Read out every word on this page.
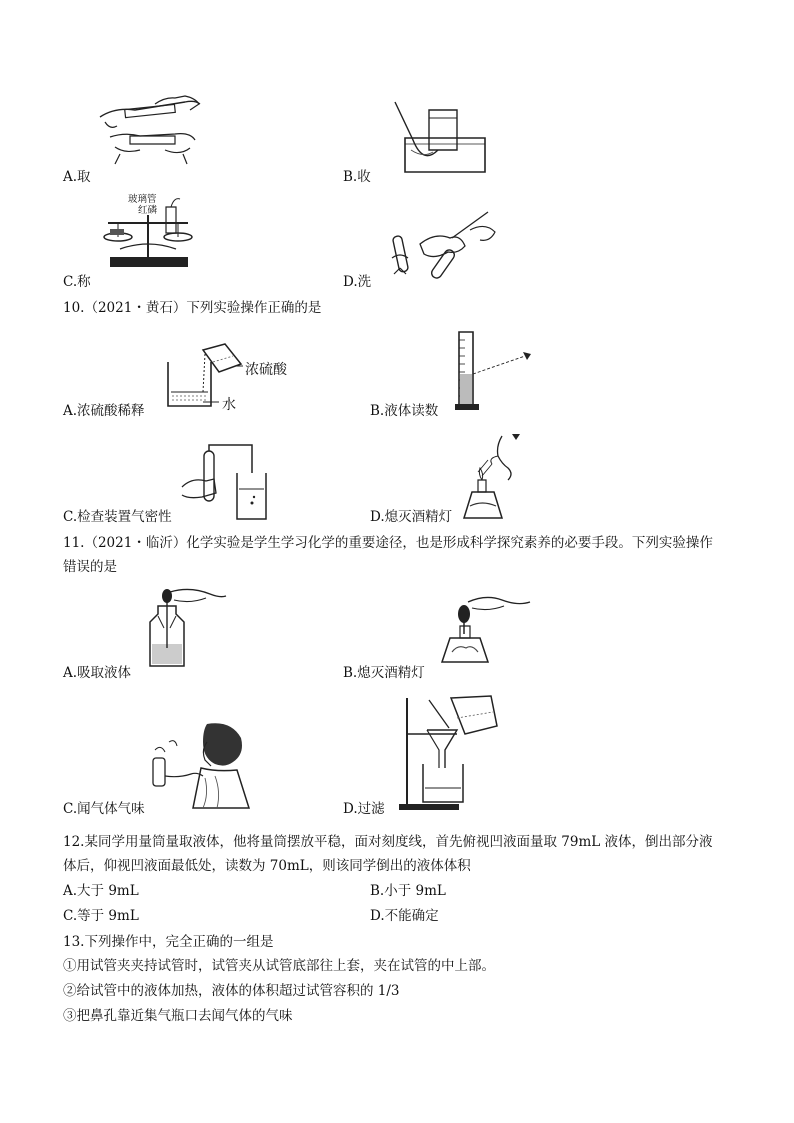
A.取	B.收
玻璃管
红磷
C.称	D.洗
10.（2021・黄石）下列实验操作正确的是
浓硫酸
水
A.浓硫酸稀释	B.液体读数
C.检查装置气密性	D.熄灭酒精灯
11.（2021・临沂）化学实验是学生学习化学的重要途径，也是形成科学探究素养的必要手段。下列实验操作
错误的是
A.吸取液体	B.熄灭酒精灯
C.闻气体气味	D.过滤
12.某同学用量筒量取液体，他将量筒摆放平稳，面对刻度线，首先俯视凹液面量取 79mL 液体，倒出部分液
体后，仰视凹液面最低处，读数为 70mL，则该同学倒出的液体体积
A.大于 9mL	B.小于 9mL
C.等于 9mL	D.不能确定
13.下列操作中，完全正确的一组是
①用试管夹夹持试管时，试管夹从试管底部往上套，夹在试管的中上部。
②给试管中的液体加热，液体的体积超过试管容积的 1/3
③把鼻孔靠近集气瓶口去闻气体的气味
